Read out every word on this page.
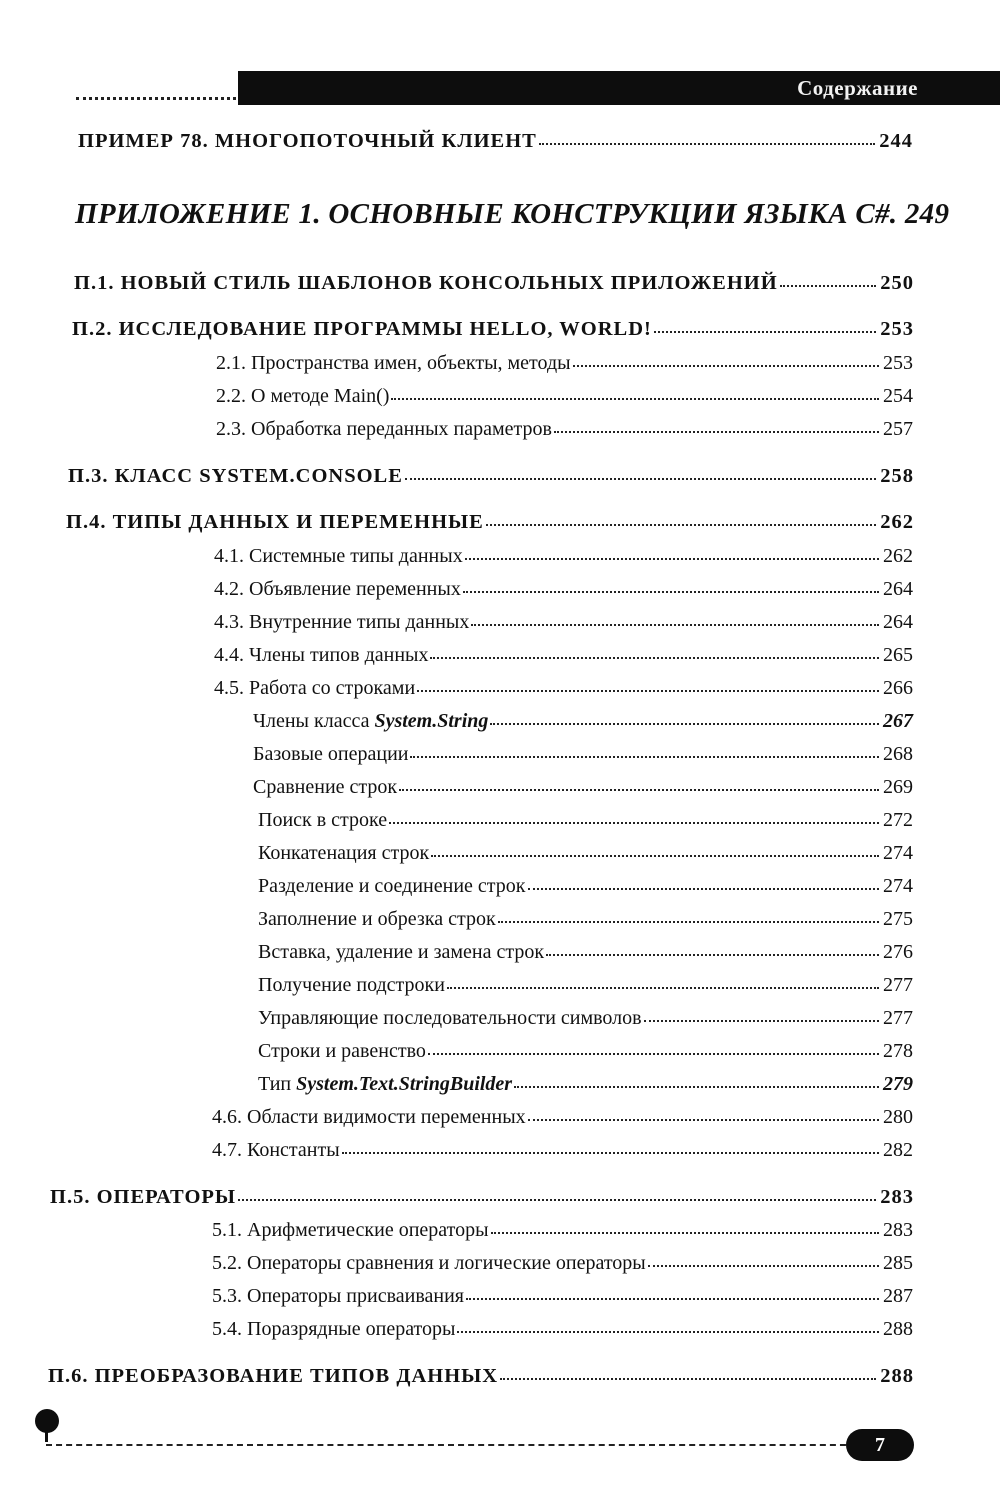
Содержание
ПРИМЕР 78. МНОГОПОТОЧНЫЙ КЛИЕНТ	244
ПРИЛОЖЕНИЕ 1. ОСНОВНЫЕ КОНСТРУКЦИИ ЯЗЫКА С#. 249
П.1. НОВЫЙ СТИЛЬ ШАБЛОНОВ КОНСОЛЬНЫХ ПРИЛОЖЕНИЙ	250
П.2. ИССЛЕДОВАНИЕ ПРОГРАММЫ HELLO, WORLD!	253
2.1. Пространства имен, объекты, методы	253
2.2. О методе Main()	254
2.3. Обработка переданных параметров	257
П.3. КЛАСС SYSTEM.CONSOLE	258
П.4. ТИПЫ ДАННЫХ И ПЕРЕМЕННЫЕ	262
4.1. Системные типы данных	262
4.2. Объявление переменных	264
4.3. Внутренние типы данных	264
4.4. Члены типов данных	265
4.5. Работа со строками	266
Члены класса System.String	267
Базовые операции	268
Сравнение строк	269
Поиск в строке	272
Конкатенация строк	274
Разделение и соединение строк	274
Заполнение и обрезка строк	275
Вставка, удаление и замена строк	276
Получение подстроки	277
Управляющие последовательности символов	277
Строки и равенство	278
Тип System.Text.StringBuilder	279
4.6. Области видимости переменных	280
4.7. Константы	282
П.5. ОПЕРАТОРЫ	283
5.1. Арифметические операторы	283
5.2. Операторы сравнения и логические операторы	285
5.3. Операторы присваивания	287
5.4. Поразрядные операторы	288
П.6. ПРЕОБРАЗОВАНИЕ ТИПОВ ДАННЫХ	288
7
